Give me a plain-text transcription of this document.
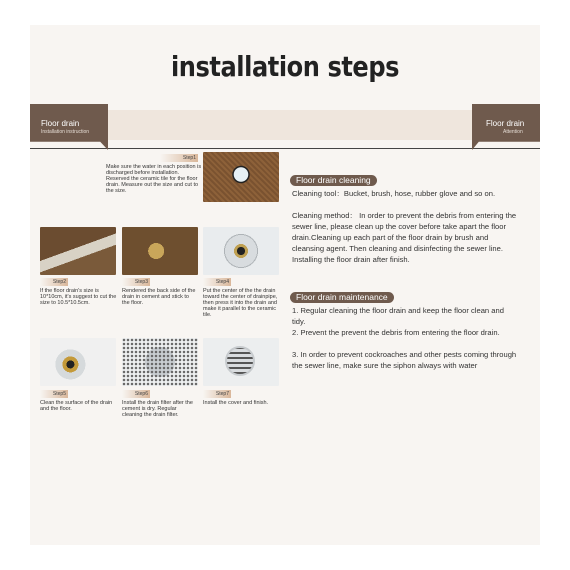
installation steps
Floor drain
Installation instruction
Floor drain
Attention
Step1
Make sure the water in each position is discharged before installation. Reserved the ceramic tile for the floor drain. Measure out the size and cut to the size.
Step2	Step3	Step4
If the floor drain's size is 10*10cm, it's suggest to cut the size to 10.5*10.5cm.
Rendered the back side of the drain in cement and stick to the floor.
Put the center of the the drain toward the center of drainpipe, then press it into the drain and make it parallel to the ceramic tile.
Step5	Step6	Step7
Clean the surface of the drain and the floor.
Install the drain filter after the cement is dry. Regular cleaning the drain filter.
Install the cover and finish.
Floor drain cleaning
Cleaning tool：Bucket, brush, hose, rubber glove and so on.
Cleaning method： In order to prevent the debris from entering the sewer line, please clean up the cover before take apart the floor drain.Cleaning up each part of the floor drain by brush and cleansing agent. Then cleaning and disinfecting the sewer line. Installing the floor drain after finish.
Floor drain maintenance
1. Regular cleaning the floor drain and keep the floor clean and tidy.
2. Prevent the prevent the debris from entering the floor drain.
3. In order to prevent cockroaches and other pests coming through the sewer line, make sure the siphon always with water
